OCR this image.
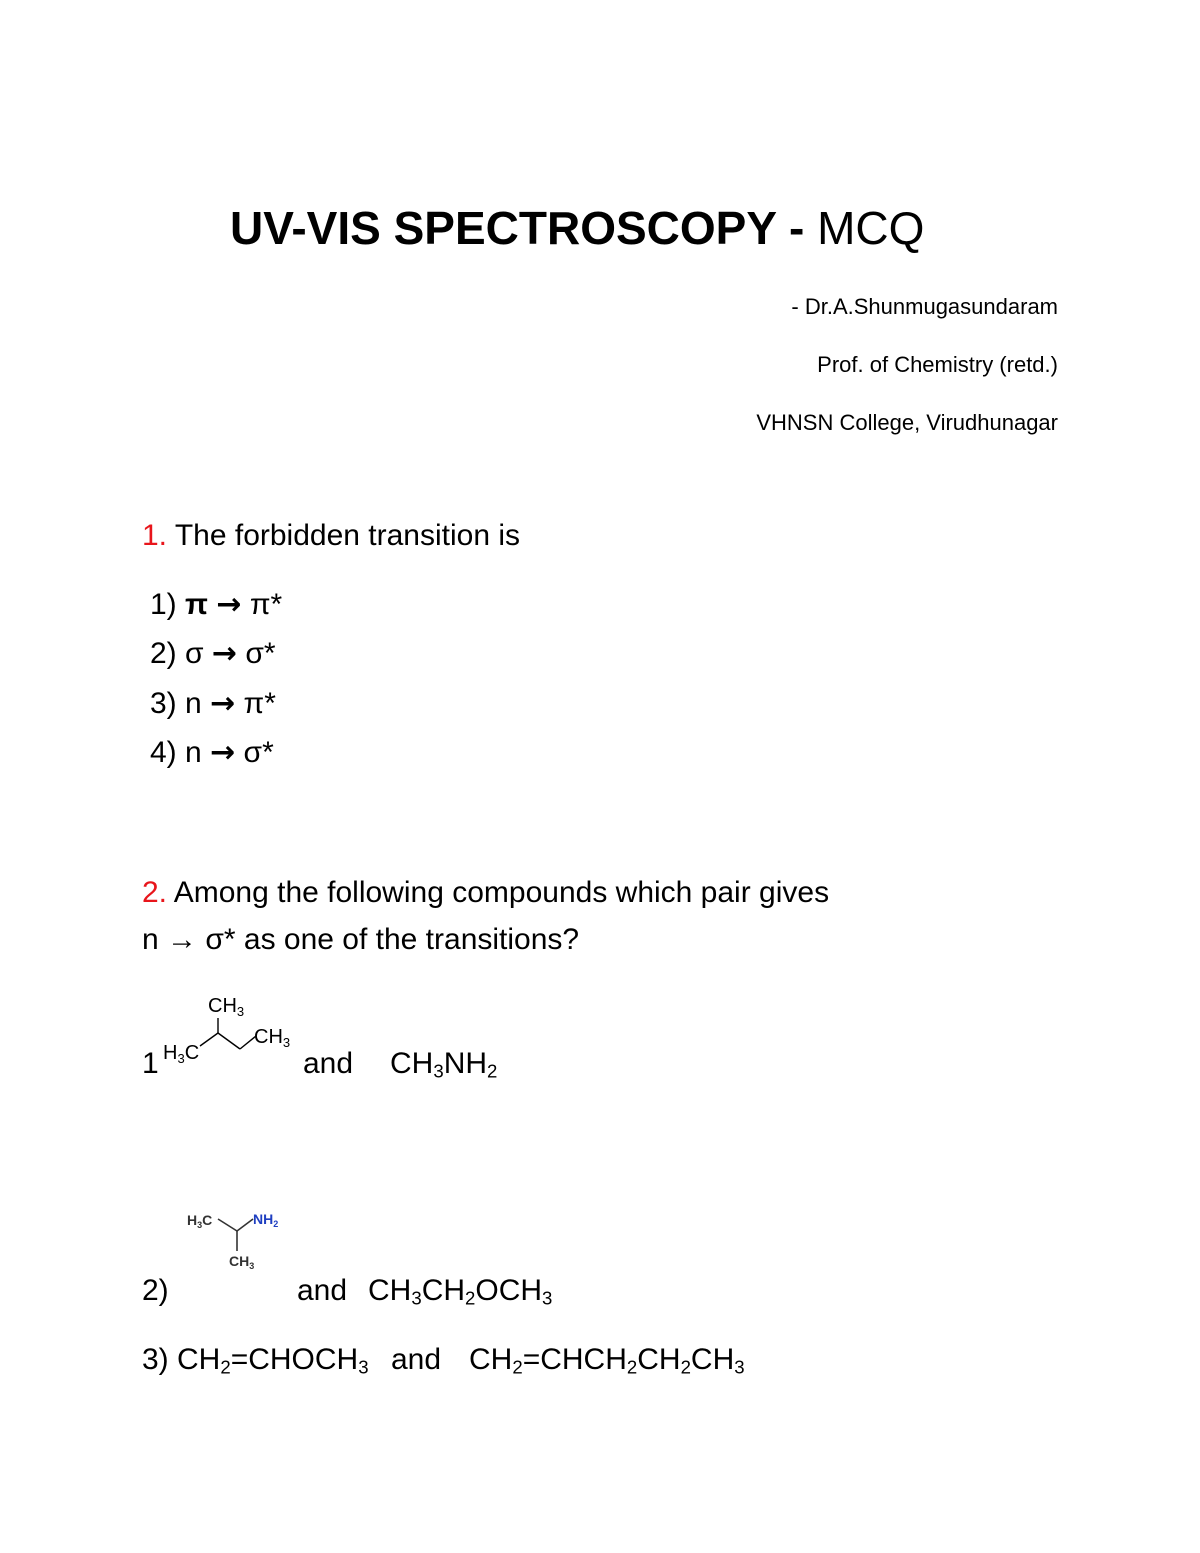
UV-VIS SPECTROSCOPY - MCQ
- Dr.A.Shunmugasundaram
Prof. of Chemistry (retd.)
VHNSN College, Virudhunagar
1. The forbidden transition is
1) π → π*
2) σ → σ*
3) n → π*
4) n → σ*
2. Among the following compounds which pair gives
n → σ* as one of the transitions?
1
$CH_3$
$H_3C$
$CH_3$
and $CH_3NH_2$
$H_3C$	$NH_2$
$CH_3$
2)	and $CH_3CH_2OCH_3$
3) $CH_2=CHOCH_3$ and $CH_2=CHCH_2CH_2CH_3$
